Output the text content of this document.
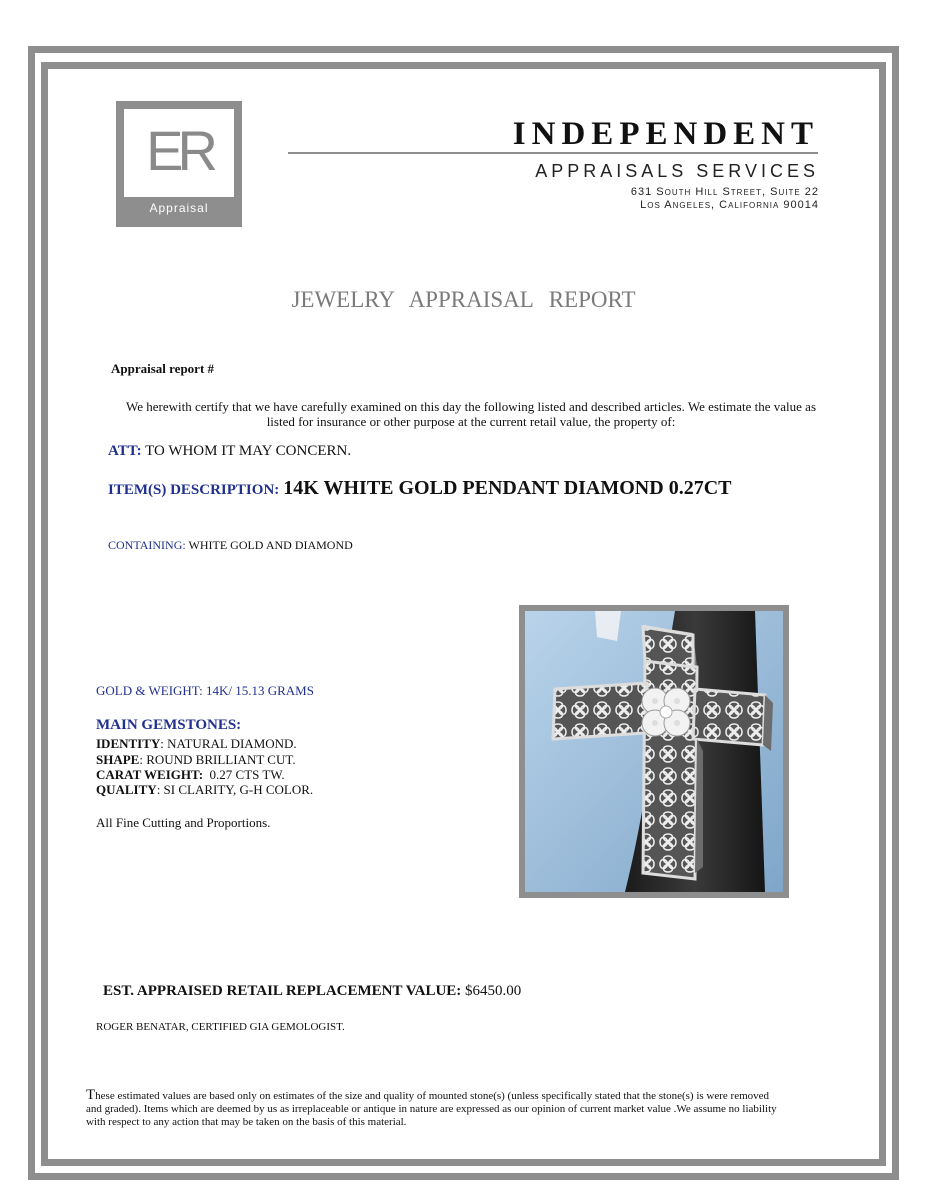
ER
Appraisal
INDEPENDENT
APPRAISALS SERVICES
631 South Hill Street, Suite 22
Los Angeles, California 90014
JEWELRY APPRAISAL REPORT
Appraisal report #
We herewith certify that we have carefully examined on this day the following listed and described articles. We estimate the value as
listed for insurance or other purpose at the current retail value, the property of:
ATT: TO WHOM IT MAY CONCERN.
ITEM(S) DESCRIPTION: 14K WHITE GOLD PENDANT DIAMOND 0.27CT
CONTAINING: WHITE GOLD AND DIAMOND
GOLD & WEIGHT: 14K/ 15.13 GRAMS
MAIN GEMSTONES:
IDENTITY: NATURAL DIAMOND.
SHAPE: ROUND BRILLIANT CUT.
CARAT WEIGHT: 0.27 CTS TW.
QUALITY: SI CLARITY, G-H COLOR.
All Fine Cutting and Proportions.
EST. APPRAISED RETAIL REPLACEMENT VALUE: $6450.00
ROGER BENATAR, CERTIFIED GIA GEMOLOGIST.
These estimated values are based only on estimates of the size and quality of mounted stone(s) (unless specifically stated that the stone(s) is were removed and graded). Items which are deemed by us as irreplaceable or antique in nature are expressed as our opinion of current market value .We assume no liability with respect to any action that may be taken on the basis of this material.
